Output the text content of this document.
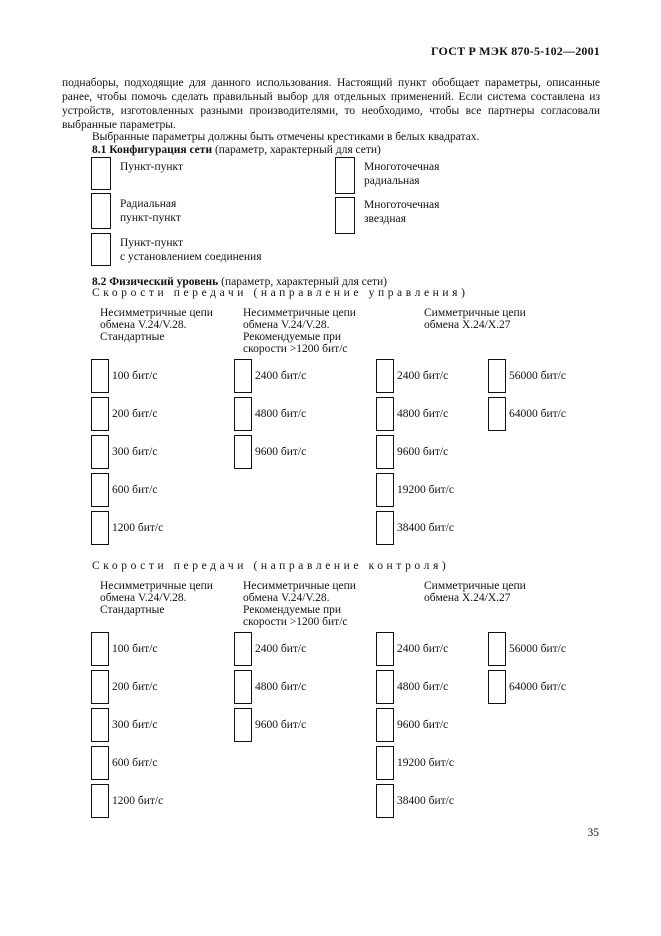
ГОСТ Р МЭК 870-5-102—2001
поднаборы, подходящие для данного использования. Настоящий пункт обобщает параметры, описанные ранее, чтобы помочь сделать правильный выбор для отдельных применений. Если система составлена из устройств, изготовленных разными производителями, то необходимо, чтобы все партнеры согласовали выбранные параметры.
Выбранные параметры должны быть отмечены крестиками в белых квадратах.
8.1 Конфигурация сети (параметр, характерный для сети)
Пункт-пункт
Радиальная
пункт-пункт
Пункт-пункт
с установлением соединения
Многоточечная
радиальная
Многоточечная
звездная
8.2 Физический уровень (параметр, характерный для сети)
Скорости передачи (направление управления)
Несимметричные цепи
обмена V.24/V.28.
Стандартные
100 бит/с
200 бит/с
300 бит/с
600 бит/с
1200 бит/с
Несимметричные цепи
обмена V.24/V.28.
Рекомендуемые при
скорости >1200 бит/с
2400 бит/с
4800 бит/с
9600 бит/с
Симметричные цепи
обмена Х.24/Х.27
2400 бит/с
4800 бит/с
9600 бит/с
19200 бит/с
38400 бит/с
56000 бит/с
64000 бит/с
Скорости передачи (направление контроля)
Несимметричные цепи
обмена V.24/V.28.
Стандартные
100 бит/с
200 бит/с
300 бит/с
600 бит/с
1200 бит/с
Несимметричные цепи
обмена V.24/V.28.
Рекомендуемые при
скорости >1200 бит/с
2400 бит/с
4800 бит/с
9600 бит/с
Симметричные цепи
обмена Х.24/Х.27
2400 бит/с
4800 бит/с
9600 бит/с
19200 бит/с
38400 бит/с
56000 бит/с
64000 бит/с
35
